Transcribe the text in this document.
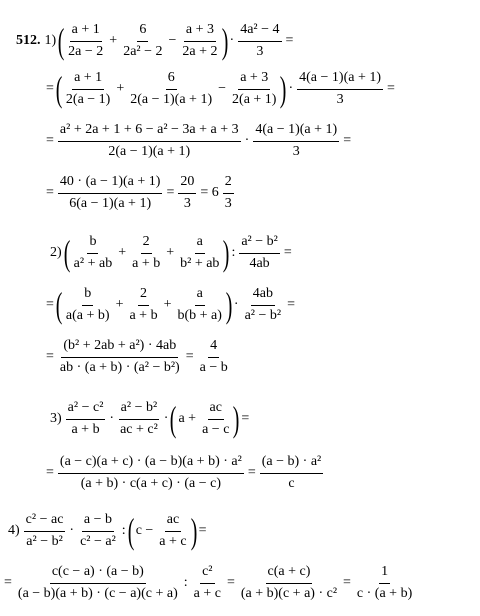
512. 1) ( $\frac{a + 1}{2a - 2} + \frac{6}{\text{2a² − 2}} - \frac{a + 3}{2a + 2}$ ) · $\frac{\text{4a² − 4}}{3}$ =
= ( $\frac{a + 1}{2(a - 1)} + \frac{6}{2(a - 1)(a + 1)} - \frac{a + 3}{2(a + 1)}$ ) · $\frac{4(a - 1)(a + 1)}{3}$ =
= $\frac{\text{a² + 2a + 1 + 6 − a² − 3a + a + 3}}{2(a - 1)(a + 1)} \cdot \frac{4(a - 1)(a + 1)}{3}$ =
= $\frac{40 \cdot (a - 1)(a + 1)}{6(a - 1)(a + 1)} = \frac{20}{3} = 6 \frac{2}{3}$
2) ( $\frac{b}{\text{a² + ab}} + \frac{2}{a + b} + \frac{a}{\text{b² + ab}}$ ) : $\frac{\text{a² − b²}}{4ab}$ =
= ( $\frac{b}{a(a + b)} + \frac{2}{a + b} + \frac{a}{b(b + a)}$ ) · $\frac{4ab}{\text{a² − b²}}$ =
= $\frac{\text{(b² + 2ab + a²) · 4ab}}{\text{ab · (a + b) · (a² − b²)}} = \frac{4}{a - b}$
$3) \frac{\text{a² − c²}}{a + b} \cdot \frac{\text{a² − b²}}{\text{ac + c²}}$ · ( $a + \frac{ac}{a - c}$ ) =
= $\frac{\text{(a − c)(a + c) · (a − b)(a + b) · a²}}{(a + b) \cdot c(a + c) \cdot (a - c)} = \frac{\text{(a − b) · a²}}{c}$
$4) \frac{\text{c² − ac}}{\text{a² − b²}} \cdot \frac{a - b}{\text{c² − a²}}$ : ( $c - \frac{ac}{a + c}$ ) =
= $\frac{c(c - a) \cdot (a - b)}{(a - b)(a + b) \cdot (c - a)(c + a)}$ : $\frac{\text{c²}}{a + c} = \frac{c(a + c)}{\text{(a + b)(c + a) · c²}} = \frac{1}{c \cdot (a + b)}$
